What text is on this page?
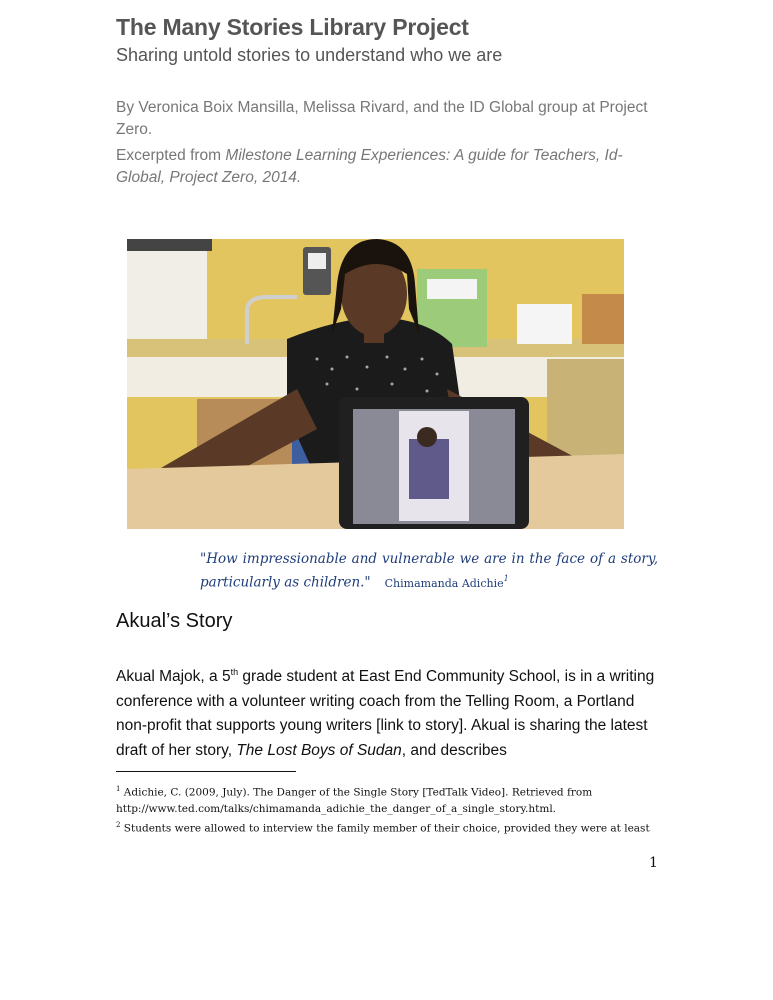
The Many Stories Library Project
Sharing untold stories to understand who we are
By Veronica Boix Mansilla, Melissa Rivard, and the ID Global group at Project Zero.
Excerpted from Milestone Learning Experiences: A guide for Teachers, Id-Global, Project Zero, 2014.
"How impressionable and vulnerable we are in the face of a story, particularly as children." Chimamanda Adichie$^1$
Akual’s Story
Akual Majok, a 5th grade student at East End Community School, is in a writing conference with a volunteer writing coach from the Telling Room, a Portland non-profit that supports young writers [link to story]. Akual is sharing the latest draft of her story, The Lost Boys of Sudan, and describes
$^1$ Adichie, C. (2009, July). The Danger of the Single Story [TedTalk Video]. Retrieved from http://www.ted.com/talks/chimamanda_adichie_the_danger_of_a_single_story.html.
$^2$ Students were allowed to interview the family member of their choice, provided they were at least
1
